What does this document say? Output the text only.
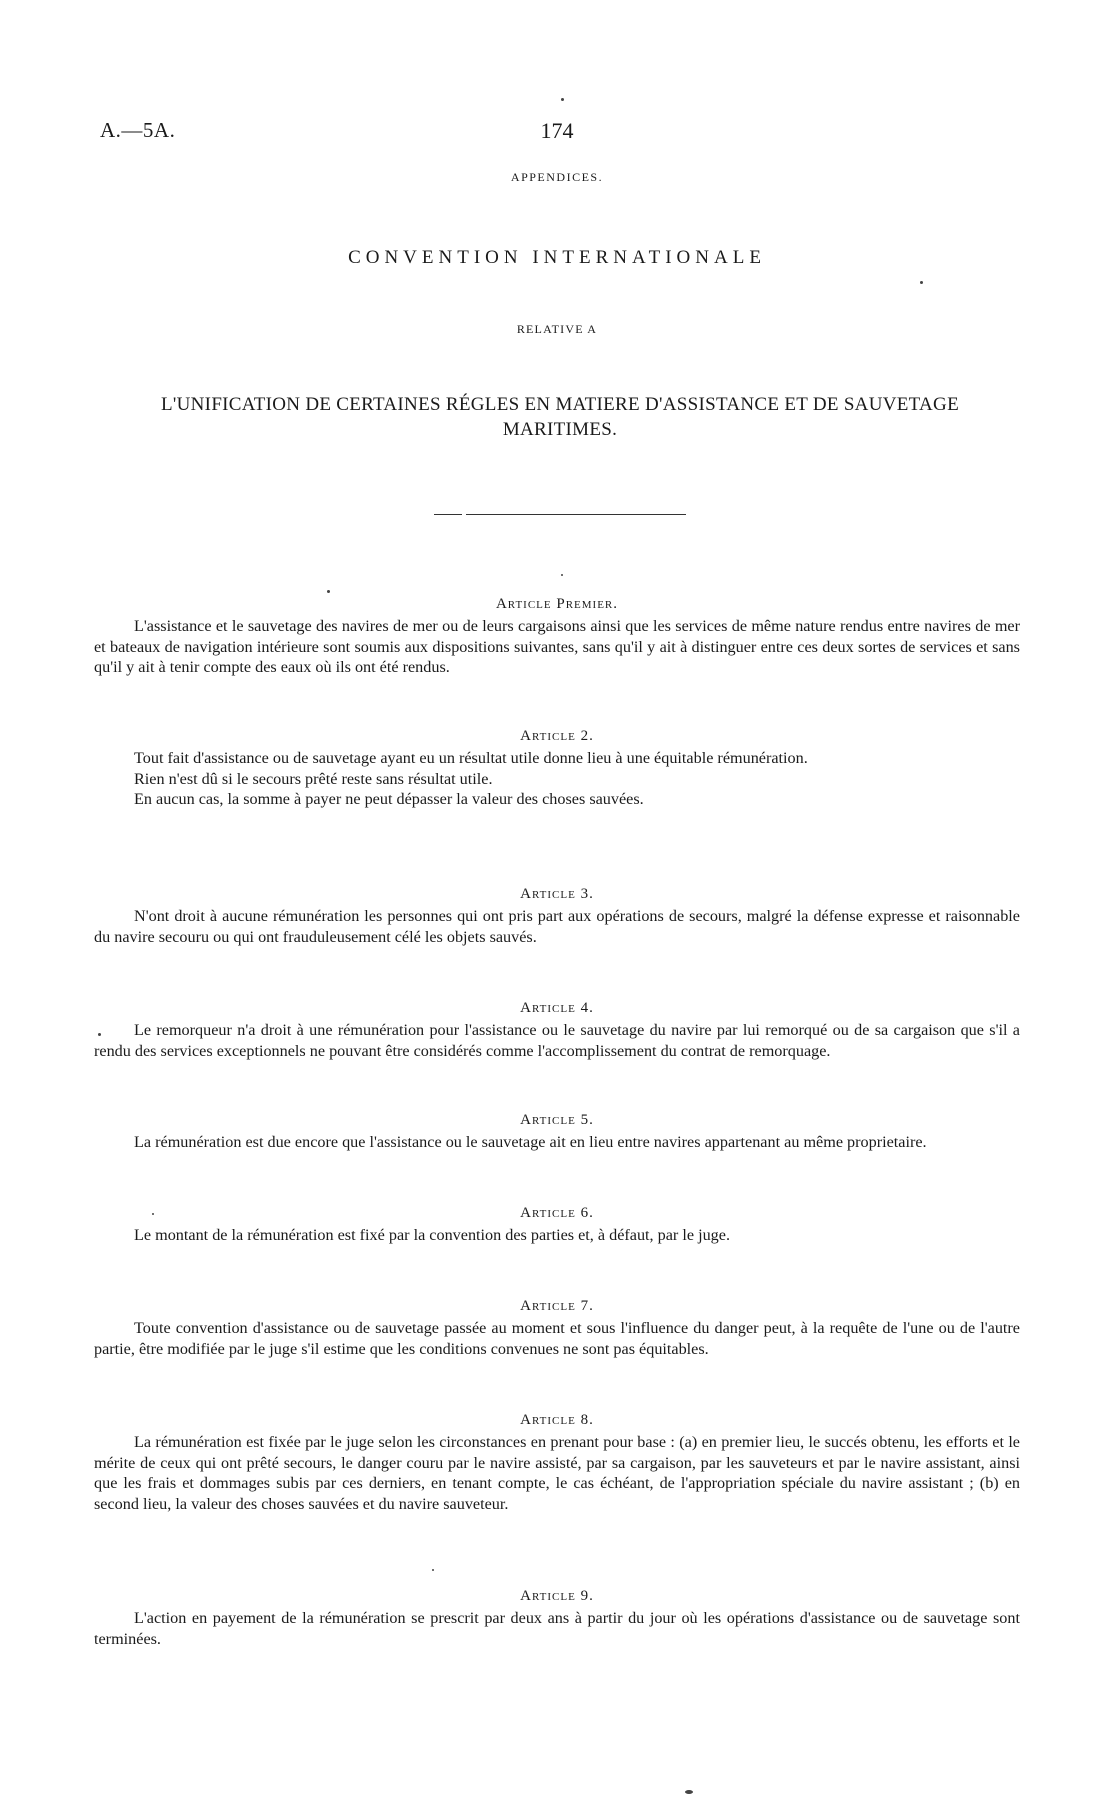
A.—5A.	174
APPENDICES.
CONVENTION INTERNATIONALE
RELATIVE A
L'UNIFICATION DE CERTAINES RÉGLES EN MATIERE D'ASSISTANCE ET DE SAUVETAGE MARITIMES.
Article Premier.

L'assistance et le sauvetage des navires de mer ou de leurs cargaisons ainsi que les services de même nature rendus entre navires de mer et bateaux de navigation intérieure sont soumis aux dispositions suivantes, sans qu'il y ait à distinguer entre ces deux sortes de services et sans qu'il y ait à tenir compte des eaux où ils ont été rendus.

Article 2.

Tout fait d'assistance ou de sauvetage ayant eu un résultat utile donne lieu à une équitable rémunération.

Rien n'est dû si le secours prêté reste sans résultat utile.

En aucun cas, la somme à payer ne peut dépasser la valeur des choses sauvées.

Article 3.

N'ont droit à aucune rémunération les personnes qui ont pris part aux opérations de secours, malgré la défense expresse et raisonnable du navire secouru ou qui ont frauduleusement célé les objets sauvés.

Article 4.

Le remorqueur n'a droit à une rémunération pour l'assistance ou le sauvetage du navire par lui remorqué ou de sa cargaison que s'il a rendu des services exceptionnels ne pouvant être considérés comme l'accomplissement du contrat de remorquage.

Article 5.

La rémunération est due encore que l'assistance ou le sauvetage ait en lieu entre navires appartenant au même proprietaire.

Article 6.

Le montant de la rémunération est fixé par la convention des parties et, à défaut, par le juge.

Article 7.

Toute convention d'assistance ou de sauvetage passée au moment et sous l'influence du danger peut, à la requête de l'une ou de l'autre partie, être modifiée par le juge s'il estime que les conditions convenues ne sont pas équitables.

Article 8.

La rémunération est fixée par le juge selon les circonstances en prenant pour base : (a) en premier lieu, le succés obtenu, les efforts et le mérite de ceux qui ont prêté secours, le danger couru par le navire assisté, par sa cargaison, par les sauveteurs et par le navire assistant, ainsi que les frais et dommages subis par ces derniers, en tenant compte, le cas échéant, de l'appropriation spéciale du navire assistant ; (b) en second lieu, la valeur des choses sauvées et du navire sauveteur.

Article 9.

L'action en payement de la rémunération se prescrit par deux ans à partir du jour où les opérations d'assistance ou de sauvetage sont terminées.
